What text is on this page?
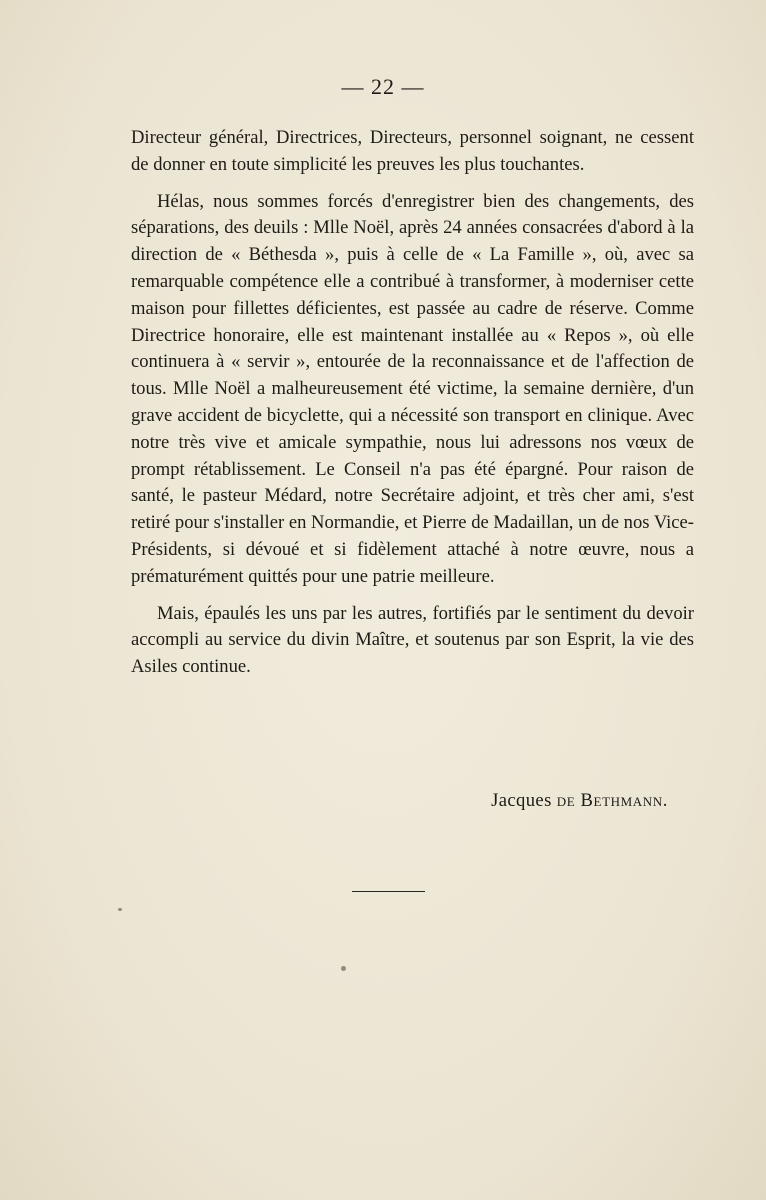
— 22 —

Directeur général, Directrices, Directeurs, personnel soignant, ne cessent de donner en toute simplicité les preuves les plus touchantes.

Hélas, nous sommes forcés d'enregistrer bien des changements, des séparations, des deuils : Mlle Noël, après 24 années consacrées d'abord à la direction de « Béthesda », puis à celle de « La Famille », où, avec sa remarquable compétence elle a contribué à transformer, à moderniser cette maison pour fillettes déficientes, est passée au cadre de réserve. Comme Directrice honoraire, elle est maintenant installée au « Repos », où elle continuera à « servir », entourée de la reconnaissance et de l'affection de tous. Mlle Noël a malheureusement été victime, la semaine dernière, d'un grave accident de bicyclette, qui a nécessité son transport en clinique. Avec notre très vive et amicale sympathie, nous lui adressons nos vœux de prompt rétablissement. Le Conseil n'a pas été épargné. Pour raison de santé, le pasteur Médard, notre Secrétaire adjoint, et très cher ami, s'est retiré pour s'installer en Normandie, et Pierre de Madaillan, un de nos Vice-Présidents, si dévoué et si fidèlement attaché à notre œuvre, nous a prématurément quittés pour une patrie meilleure.

Mais, épaulés les uns par les autres, fortifiés par le sentiment du devoir accompli au service du divin Maître, et soutenus par son Esprit, la vie des Asiles continue.

Jacques de Bethmann.
